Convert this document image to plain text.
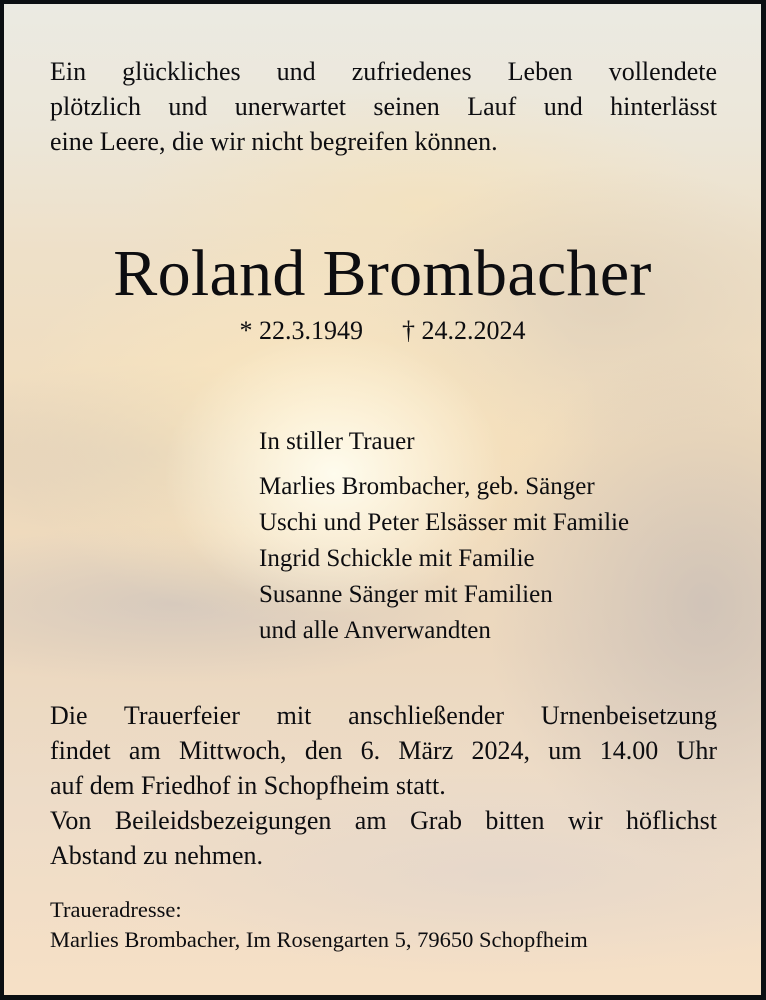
Ein glückliches und zufriedenes Leben vollendete
plötzlich und unerwartet seinen Lauf und hinterlässt
eine Leere, die wir nicht begreifen können.
Roland Brombacher
* 22.3.1949 † 24.2.2024
In stiller Trauer
Marlies Brombacher, geb. Sänger
Uschi und Peter Elsässer mit Familie
Ingrid Schickle mit Familie
Susanne Sänger mit Familien
und alle Anverwandten
Die Trauerfeier mit anschließender Urnenbeisetzung
findet am Mittwoch, den 6. März 2024, um 14.00 Uhr
auf dem Friedhof in Schopfheim statt.
Von Beileidsbezeigungen am Grab bitten wir höflichst
Abstand zu nehmen.
Traueradresse:
Marlies Brombacher, Im Rosengarten 5, 79650 Schopfheim
